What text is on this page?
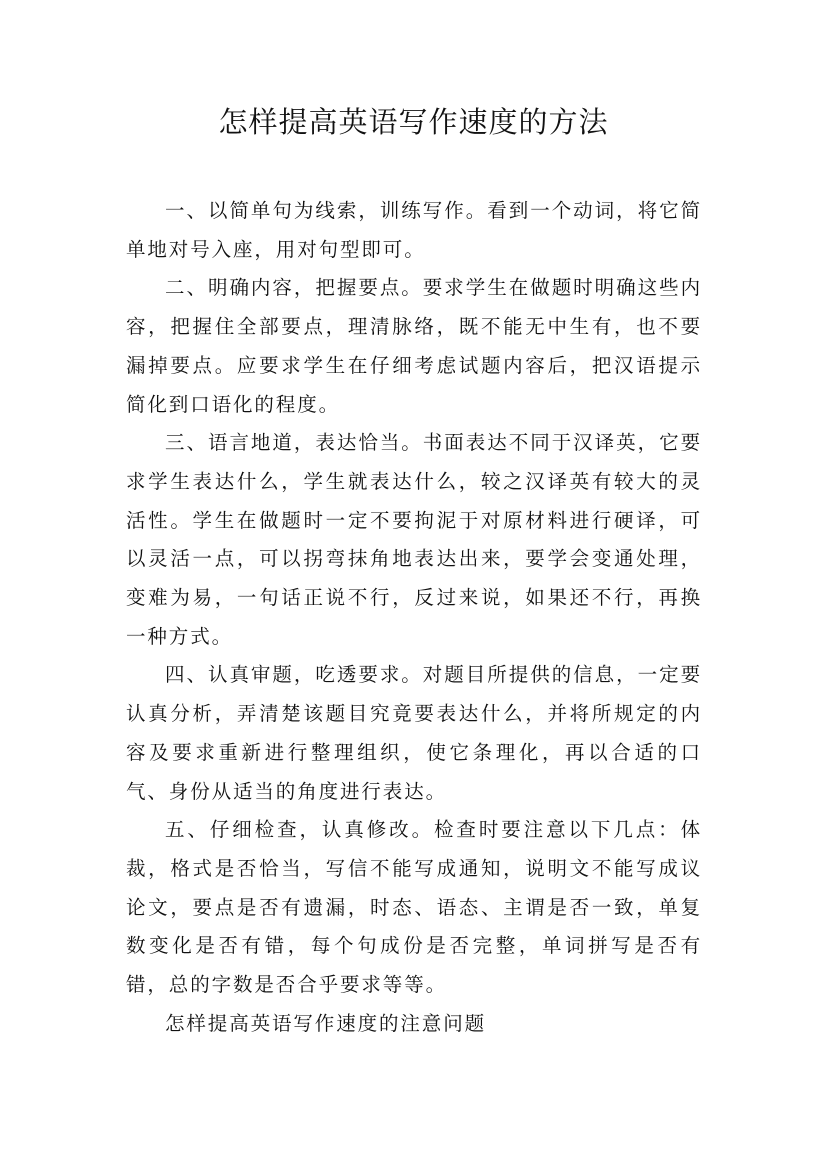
怎样提高英语写作速度的方法

一、以简单句为线索，训练写作。看到一个动词，将它简单地对号入座，用对句型即可。

二、明确内容，把握要点。要求学生在做题时明确这些内容，把握住全部要点，理清脉络，既不能无中生有，也不要漏掉要点。应要求学生在仔细考虑试题内容后，把汉语提示简化到口语化的程度。

三、语言地道，表达恰当。书面表达不同于汉译英，它要求学生表达什么，学生就表达什么，较之汉译英有较大的灵活性。学生在做题时一定不要拘泥于对原材料进行硬译，可以灵活一点，可以拐弯抹角地表达出来，要学会变通处理，变难为易，一句话正说不行，反过来说，如果还不行，再换一种方式。

四、认真审题，吃透要求。对题目所提供的信息，一定要认真分析，弄清楚该题目究竟要表达什么，并将所规定的内容及要求重新进行整理组织，使它条理化，再以合适的口气、身份从适当的角度进行表达。

五、仔细检查，认真修改。检查时要注意以下几点：体裁，格式是否恰当，写信不能写成通知，说明文不能写成议论文，要点是否有遗漏，时态、语态、主谓是否一致，单复数变化是否有错，每个句成份是否完整，单词拼写是否有错，总的字数是否合乎要求等等。

怎样提高英语写作速度的注意问题
